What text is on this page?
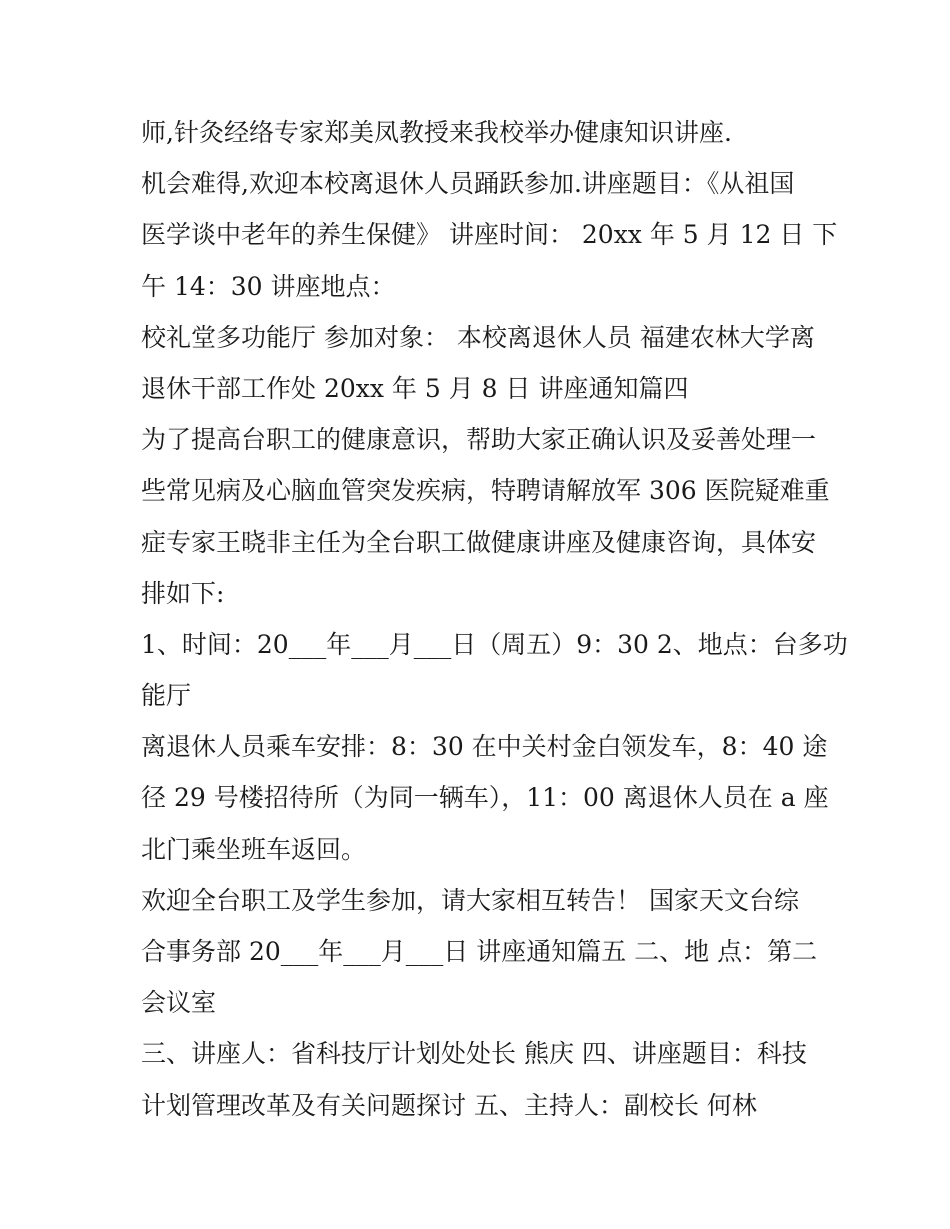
师,针灸经络专家郑美凤教授来我校举办健康知识讲座.
机会难得,欢迎本校离退休人员踊跃参加.讲座题目：《从祖国
医学谈中老年的养生保健》 讲座时间： 20xx 年 5 月 12 日 下
午 14：30 讲座地点：
校礼堂多功能厅 参加对象： 本校离退休人员 福建农林大学离
退休干部工作处 20xx 年 5 月 8 日 讲座通知篇四
为了提高台职工的健康意识，帮助大家正确认识及妥善处理一
些常见病及心脑血管突发疾病，特聘请解放军 306 医院疑难重
症专家王晓非主任为全台职工做健康讲座及健康咨询，具体安
排如下:
1、时间：20___年___月___日（周五）9：30 2、地点：台多功
能厅
离退休人员乘车安排：8：30 在中关村金白领发车，8：40 途
径 29 号楼招待所（为同一辆车），11：00 离退休人员在 a 座
北门乘坐班车返回。
欢迎全台职工及学生参加，请大家相互转告！ 国家天文台综
合事务部 20___年___月___日 讲座通知篇五 二、地 点：第二
会议室
三、讲座人：省科技厅计划处处长 熊庆 四、讲座题目：科技
计划管理改革及有关问题探讨 五、主持人：副校长 何林
